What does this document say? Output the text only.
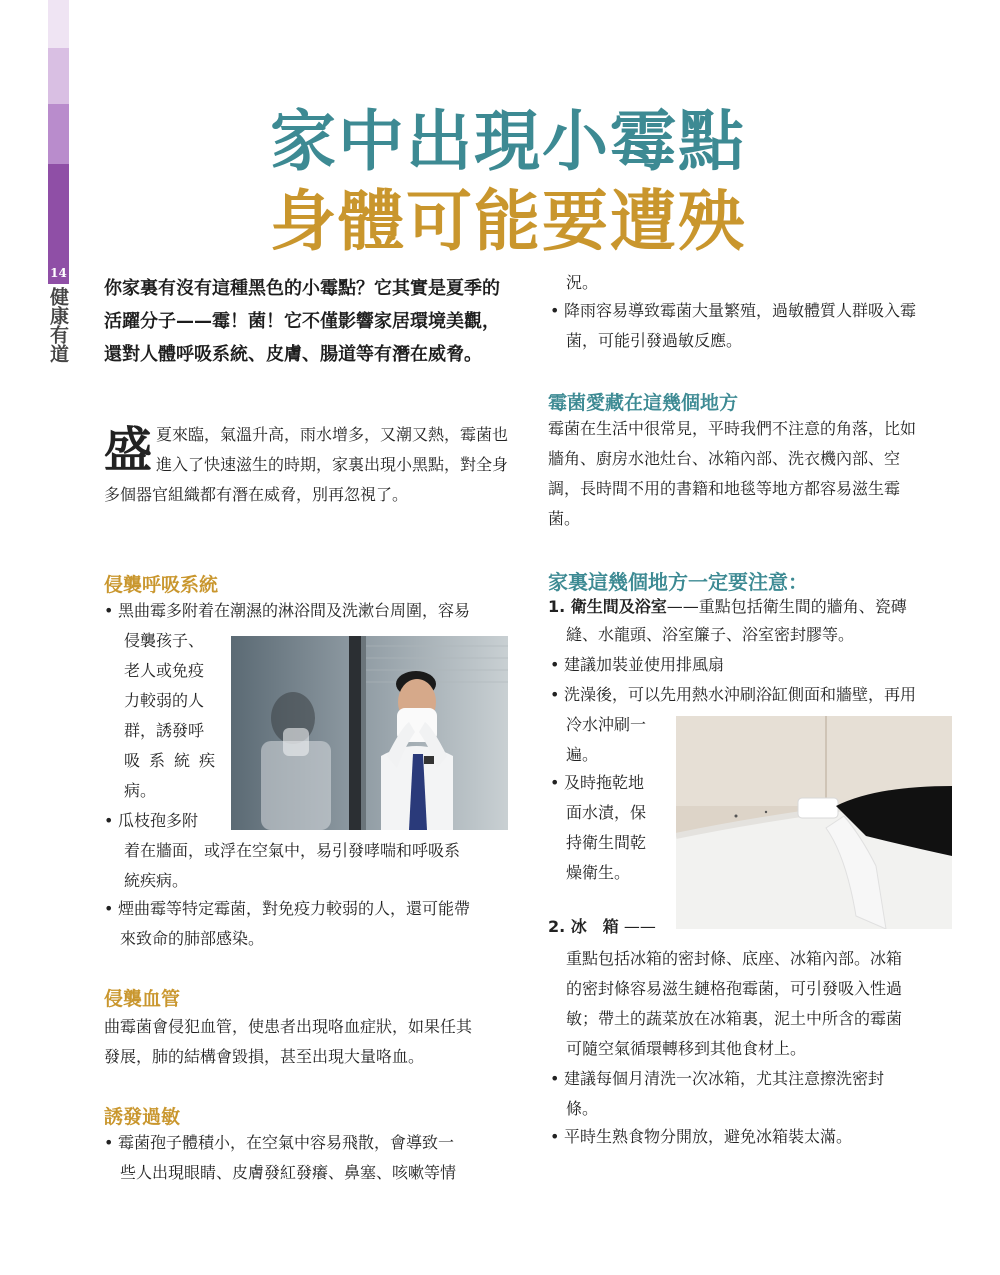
14
健康有道
家中出現小霉點
身體可能要遭殃
你家裏有沒有這種黑色的小霉點？它其實是夏季的活躍分子——霉！菌！它不僅影響家居環境美觀，還對人體呼吸系統、皮膚、腸道等有潛在威脅。
盛夏來臨，氣溫升高，雨水增多，又潮又熱，霉菌也進入了快速滋生的時期，家裏出現小黑點，對全身多個器官組織都有潛在威脅，別再忽視了。
侵襲呼吸系統
• 黑曲霉多附着在潮濕的淋浴間及洗漱台周圍，容易
侵襲孩子、
老人或免疫
力較弱的人
群，誘發呼
吸系統疾
病。
• 瓜枝孢多附
着在牆面，或浮在空氣中，易引發哮喘和呼吸系
統疾病。
• 煙曲霉等特定霉菌，對免疫力較弱的人，還可能帶
來致命的肺部感染。
侵襲血管
曲霉菌會侵犯血管，使患者出現咯血症狀，如果任其
發展，肺的結構會毀損，甚至出現大量咯血。
誘發過敏
• 霉菌孢子體積小，在空氣中容易飛散，會導致一
些人出現眼睛、皮膚發紅發癢、鼻塞、咳嗽等情
況。
• 降雨容易導致霉菌大量繁殖，過敏體質人群吸入霉
菌，可能引發過敏反應。
霉菌愛藏在這幾個地方
霉菌在生活中很常見，平時我們不注意的角落，比如
牆角、廚房水池灶台、冰箱內部、洗衣機內部、空
調，長時間不用的書籍和地毯等地方都容易滋生霉
菌。
家裏這幾個地方一定要注意：
1. 衛生間及浴室——重點包括衛生間的牆角、瓷磚
縫、水龍頭、浴室簾子、浴室密封膠等。
• 建議加裝並使用排風扇
• 洗澡後，可以先用熱水沖刷浴缸側面和牆壁，再用
冷水沖刷一
遍。
• 及時拖乾地
面水漬，保
持衛生間乾
燥衛生。
2. 冰　箱 ——
重點包括冰箱的密封條、底座、冰箱內部。冰箱
的密封條容易滋生鏈格孢霉菌，可引發吸入性過
敏；帶土的蔬菜放在冰箱裏，泥土中所含的霉菌
可隨空氣循環轉移到其他食材上。
• 建議每個月清洗一次冰箱，尤其注意擦洗密封
條。
• 平時生熟食物分開放，避免冰箱裝太滿。
